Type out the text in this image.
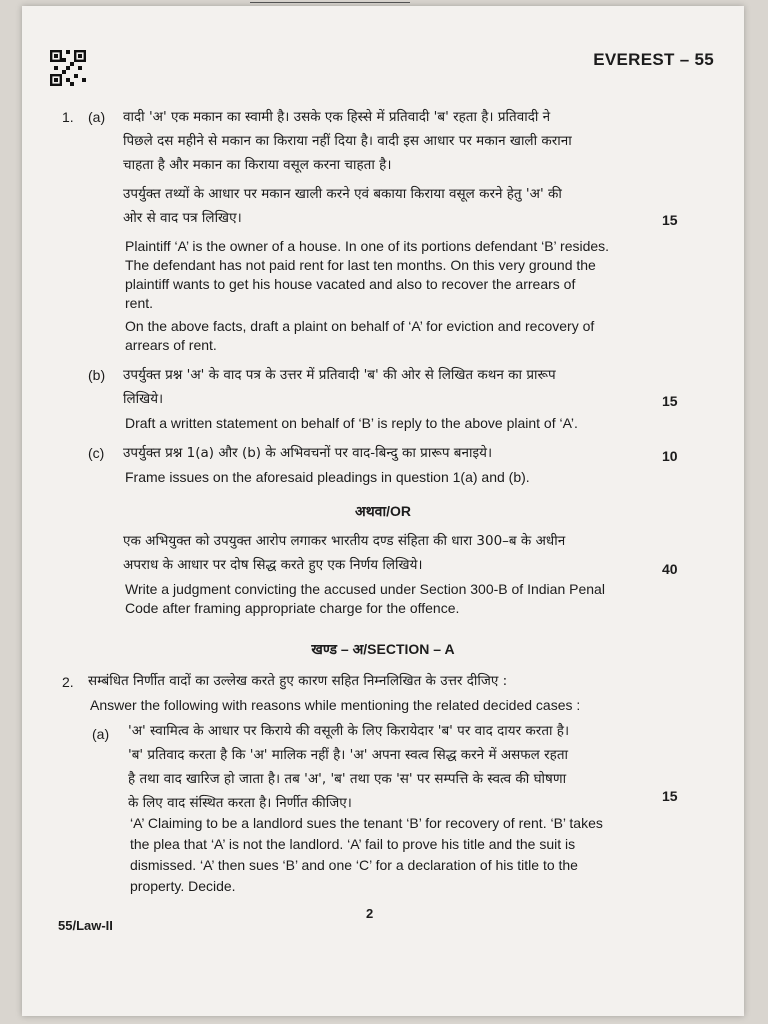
EVEREST – 55
1. (a) वादी 'अ' एक मकान का स्वामी है। उसके एक हिस्से में प्रतिवादी 'ब' रहता है। प्रतिवादी ने
पिछले दस महीने से मकान का किराया नहीं दिया है। वादी इस आधार पर मकान खाली कराना
चाहता है और मकान का किराया वसूल करना चाहता है।
उपर्युक्त तथ्यों के आधार पर मकान खाली करने एवं बकाया किराया वसूल करने हेतु 'अ' की
ओर से वाद पत्र लिखिए।	15
Plaintiff ‘A’ is the owner of a house. In one of its portions defendant ‘B’ resides.
The defendant has not paid rent for last ten months. On this very ground the
plaintiff wants to get his house vacated and also to recover the arrears of
rent.
On the above facts, draft a plaint on behalf of ‘A’ for eviction and recovery of
arrears of rent.
(b) उपर्युक्त प्रश्न 'अ' के वाद पत्र के उत्तर में प्रतिवादी 'ब' की ओर से लिखित कथन का प्रारूप
लिखिये।	15
Draft a written statement on behalf of ‘B’ is reply to the above plaint of ‘A’.
(c) उपर्युक्त प्रश्न 1(a) और (b) के अभिवचनों पर वाद-बिन्दु का प्रारूप बनाइये।	10
Frame issues on the aforesaid pleadings in question 1(a) and (b).
अथवा/OR
एक अभियुक्त को उपयुक्त आरोप लगाकर भारतीय दण्ड संहिता की धारा 300–ब के अधीन
अपराध के आधार पर दोष सिद्ध करते हुए एक निर्णय लिखिये।	40
Write a judgment convicting the accused under Section 300-B of Indian Penal
Code after framing appropriate charge for the offence.
खण्ड – अ/SECTION – A
2. सम्बंधित निर्णीत वादों का उल्लेख करते हुए कारण सहित निम्नलिखित के उत्तर दीजिए :
Answer the following with reasons while mentioning the related decided cases :
(a) 'अ' स्वामित्व के आधार पर किराये की वसूली के लिए किरायेदार 'ब' पर वाद दायर करता है।
'ब' प्रतिवाद करता है कि 'अ' मालिक नहीं है। 'अ' अपना स्वत्व सिद्ध करने में असफल रहता
है तथा वाद खारिज हो जाता है। तब 'अ', 'ब' तथा एक 'स' पर सम्पत्ति के स्वत्व की घोषणा
के लिए वाद संस्थित करता है। निर्णीत कीजिए।	15
‘A’ Claiming to be a landlord sues the tenant ‘B’ for recovery of rent. ‘B’ takes
the plea that ‘A’ is not the landlord. ‘A’ fail to prove his title and the suit is
dismissed. ‘A’ then sues ‘B’ and one ‘C’ for a declaration of his title to the
property. Decide.
2
55/Law-II
